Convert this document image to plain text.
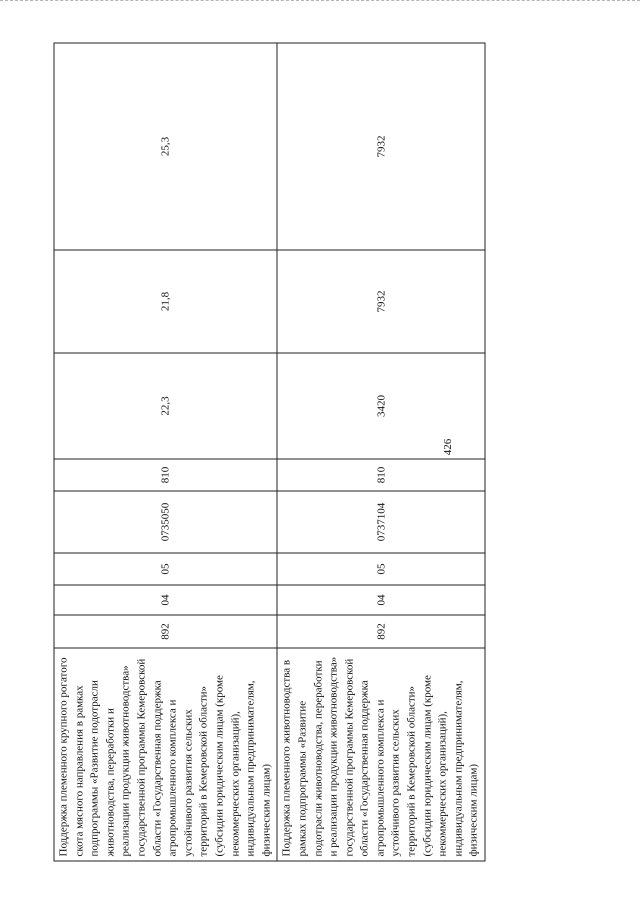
426
Поддержка племенного крупного рогатого скота мясного направления в рамках подпрограммы «Развитие подотрасли животноводства, переработки и реализации продукции животноводства» государственной программы Кемеровской области «Государственная поддержка агропромышленного комплекса и устойчивого развития сельских территорий в Кемеровской области» (субсидии юридическим лицам (кроме некоммерческих организаций), индивидуальным предпринимателям, физическим лицам)	892	04	05	0735050	810	22,3	21,8	25,3

Поддержка племенного животноводства в рамках подпрограммы «Развитие подотрасли животноводства, переработки и реализации продукции животноводства» государственной программы Кемеровской области «Государственная поддержка агропромышленного комплекса и устойчивого развития сельских территорий в Кемеровской области» (субсидии юридическим лицам (кроме некоммерческих организаций), индивидуальным предпринимателям, физическим лицам)	892	04	05	0737104	810	3420	7932	7932
